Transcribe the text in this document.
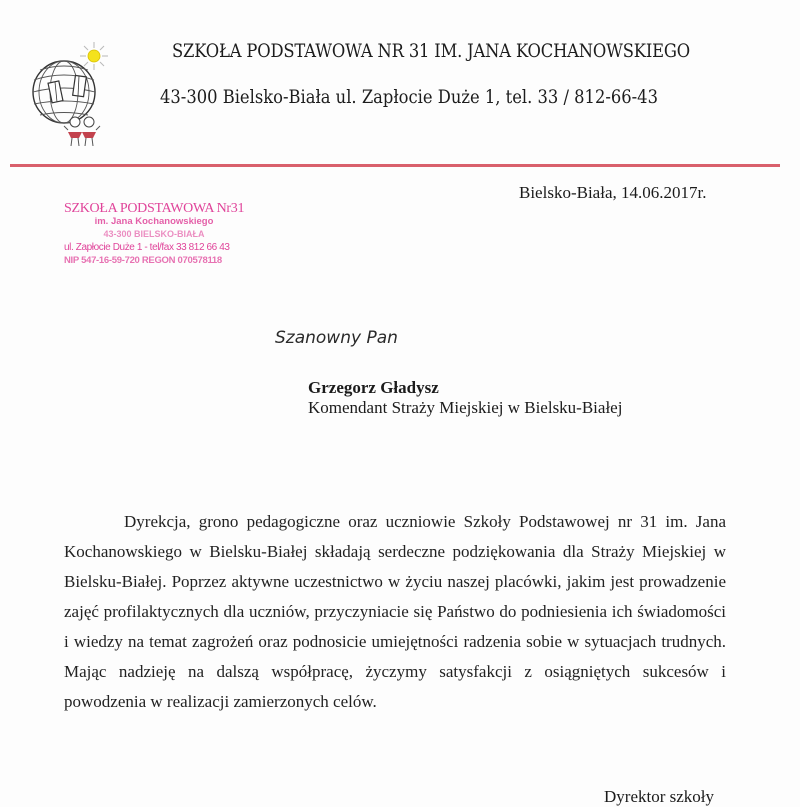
SZKOŁA PODSTAWOWA NR 31 IM. JANA KOCHANOWSKIEGO
43-300 Bielsko-Biała ul. Zapłocie Duże 1, tel. 33 / 812-66-43
Bielsko-Biała, 14.06.2017r.
SZKOŁA PODSTAWOWA Nr31
im. Jana Kochanowskiego
43-300 BIELSKO-BIAŁA
ul. Zapłocie Duże 1 - tel/fax 33 812 66 43
NIP 547-16-59-720 REGON 070578118
Szanowny Pan
Grzegorz Gładysz
Komendant Straży Miejskiej w Bielsku-Białej
Dyrekcja, grono pedagogiczne oraz uczniowie Szkoły Podstawowej nr 31 im. Jana Kochanowskiego w Bielsku-Białej składają serdeczne podziękowania dla Straży Miejskiej w Bielsku-Białej. Poprzez aktywne uczestnictwo w życiu naszej placówki, jakim jest prowadzenie zajęć profilaktycznych dla uczniów, przyczyniacie się Państwo do podniesienia ich świadomości i wiedzy na temat zagrożeń oraz podnosicie umiejętności radzenia sobie w sytuacjach trudnych. Mając nadzieję na dalszą współpracę, życzymy satysfakcji z osiągniętych sukcesów i powodzenia w realizacji zamierzonych celów.
Dyrektor szkoły
